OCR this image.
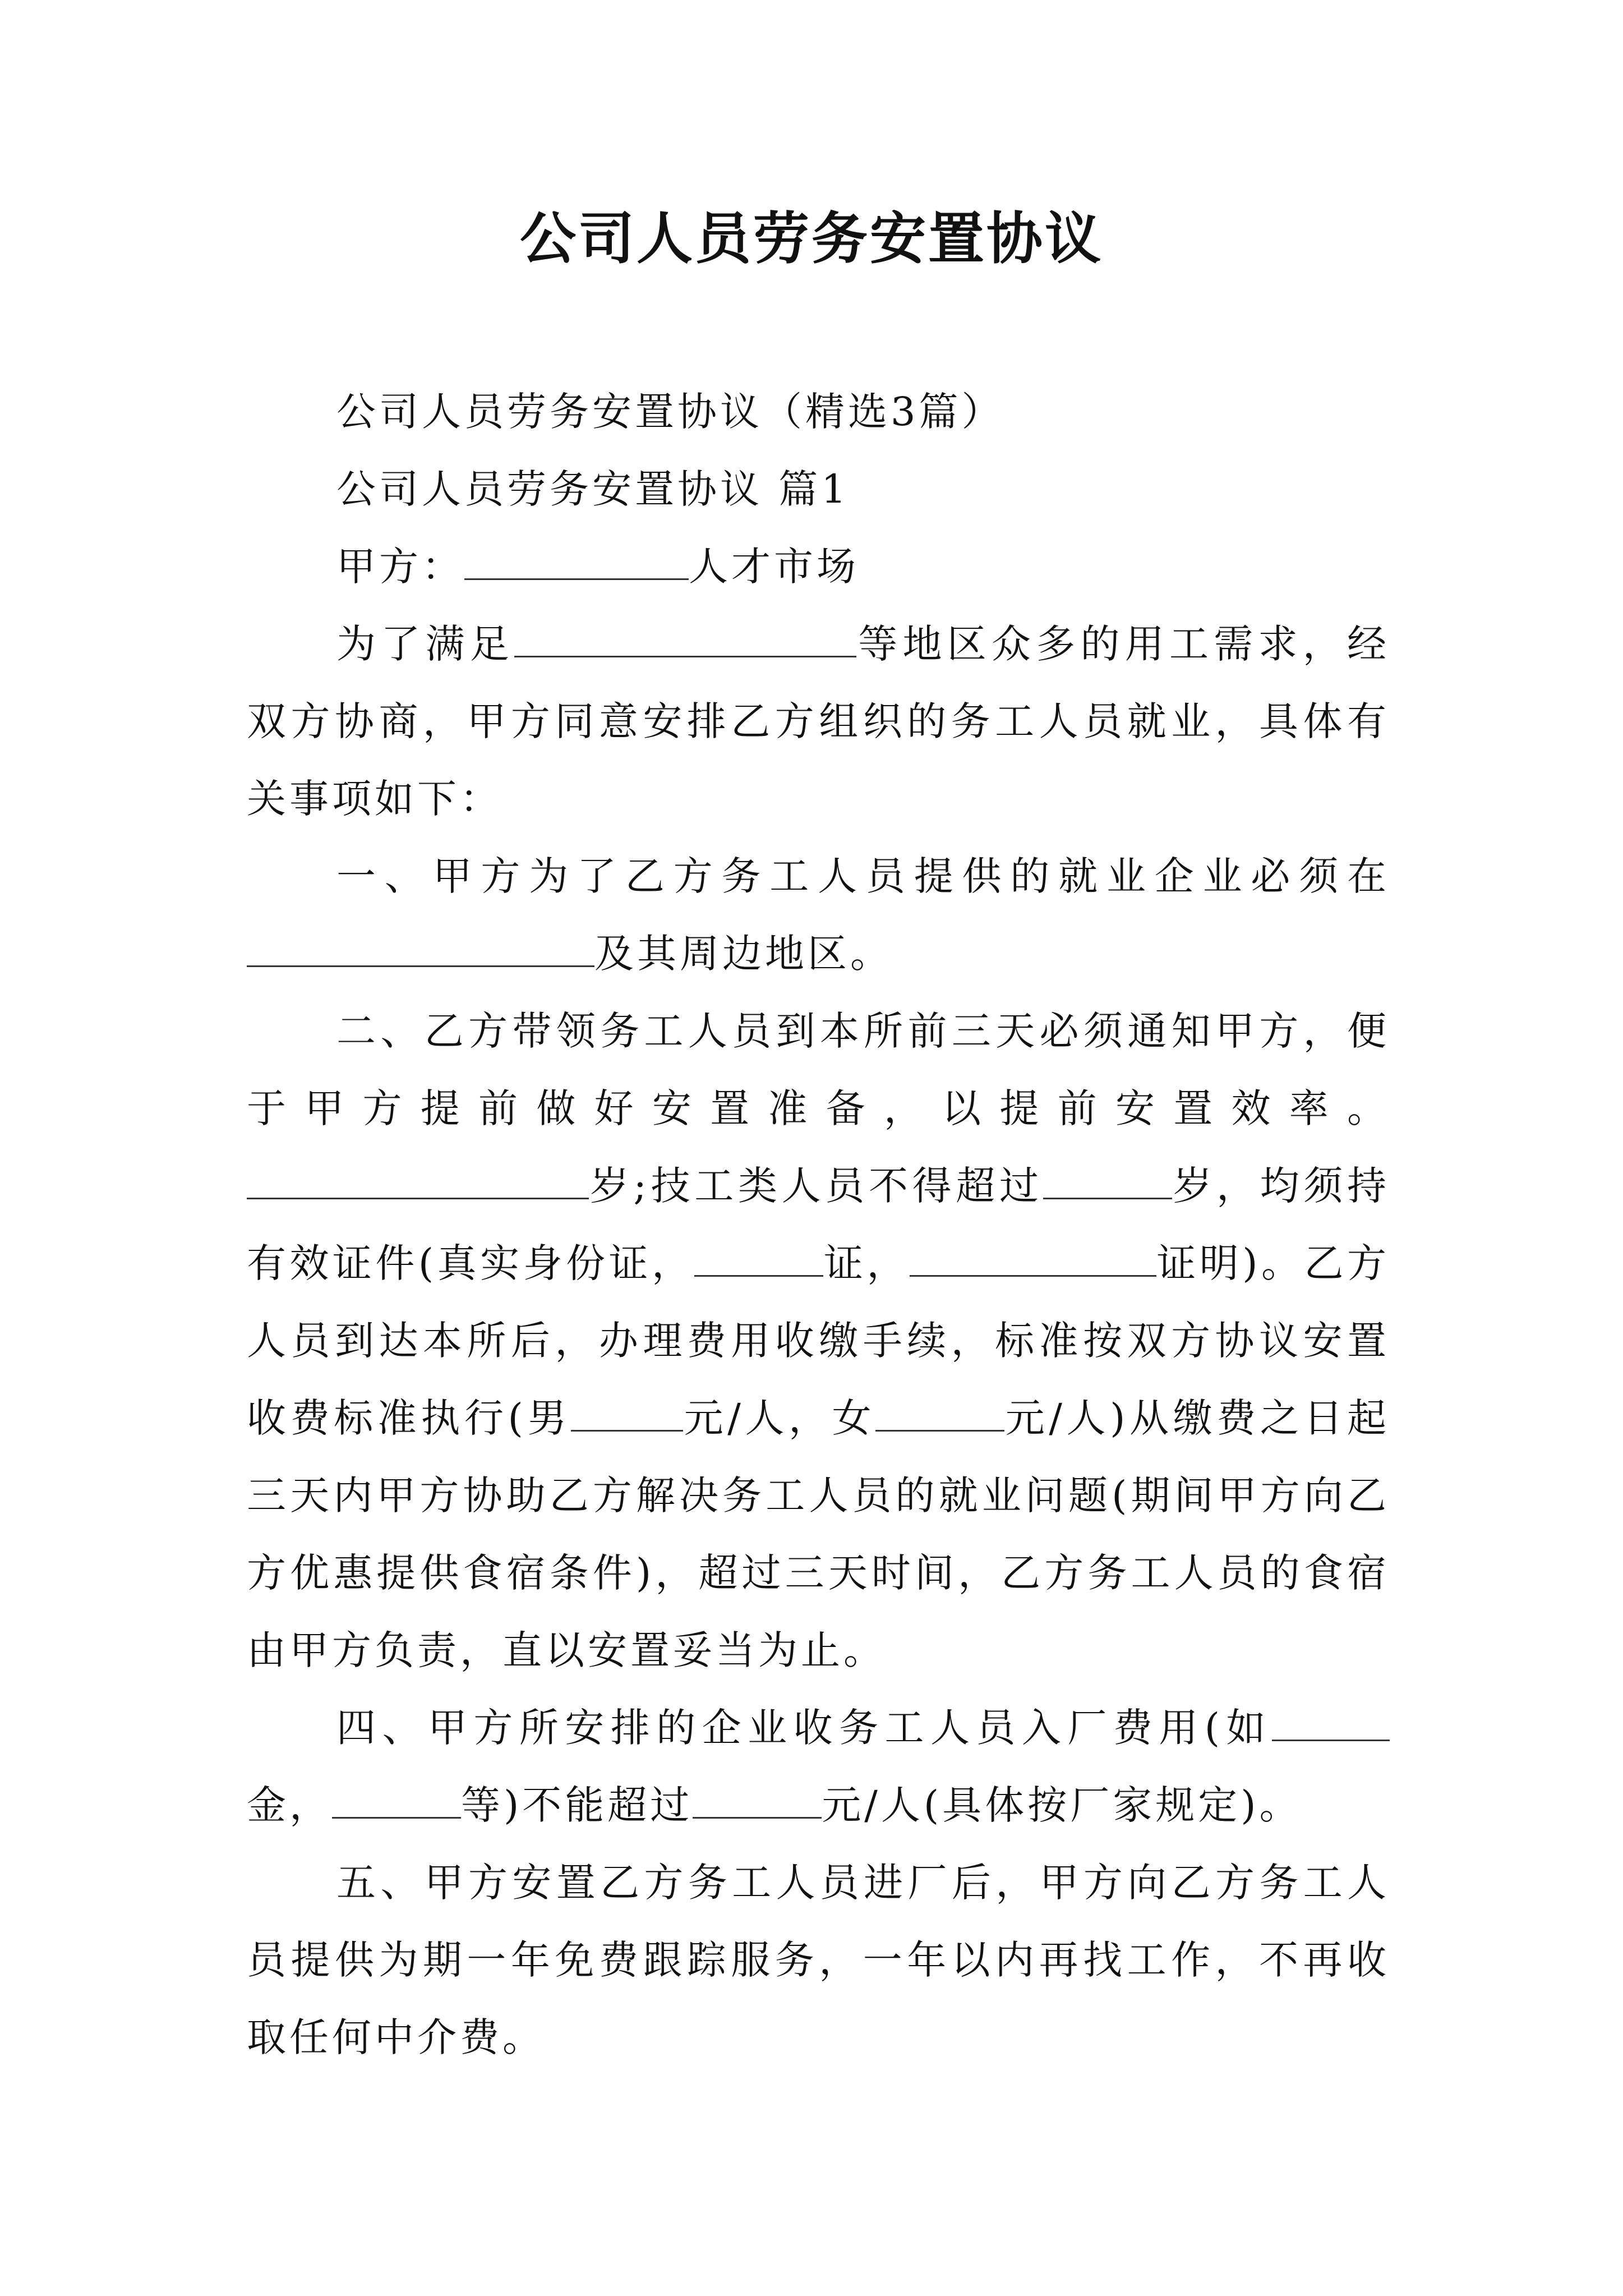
公司人员劳务安置协议

公司人员劳务安置协议（精选3篇）

公司人员劳务安置协议 篇1

甲方：	人才市场

为了满足	等地区众多的用工需求，经双方协商，甲方同意安排乙方组织的务工人员就业，具体有关事项如下：

一、甲方为了乙方务工人员提供的就业企业必须在及其周边地区。

二、乙方带领务工人员到本所前三天必须通知甲方，便于甲方提前做好安置准备，以提前安置效率。岁;技工类人员不得超过	岁，均须持有效证件(真实身份证，	证，	证明)。乙方人员到达本所后，办理费用收缴手续，标准按双方协议安置收费标准执行(男	元/人，女	元/人)从缴费之日起三天内甲方协助乙方解决务工人员的就业问题(期间甲方向乙方优惠提供食宿条件)，超过三天时间，乙方务工人员的食宿由甲方负责，直以安置妥当为止。

四、甲方所安排的企业收务工人员入厂费用(如金，	等)不能超过	元/人(具体按厂家规定)。

五、甲方安置乙方务工人员进厂后，甲方向乙方务工人员提供为期一年免费跟踪服务，一年以内再找工作，不再收取任何中介费。
